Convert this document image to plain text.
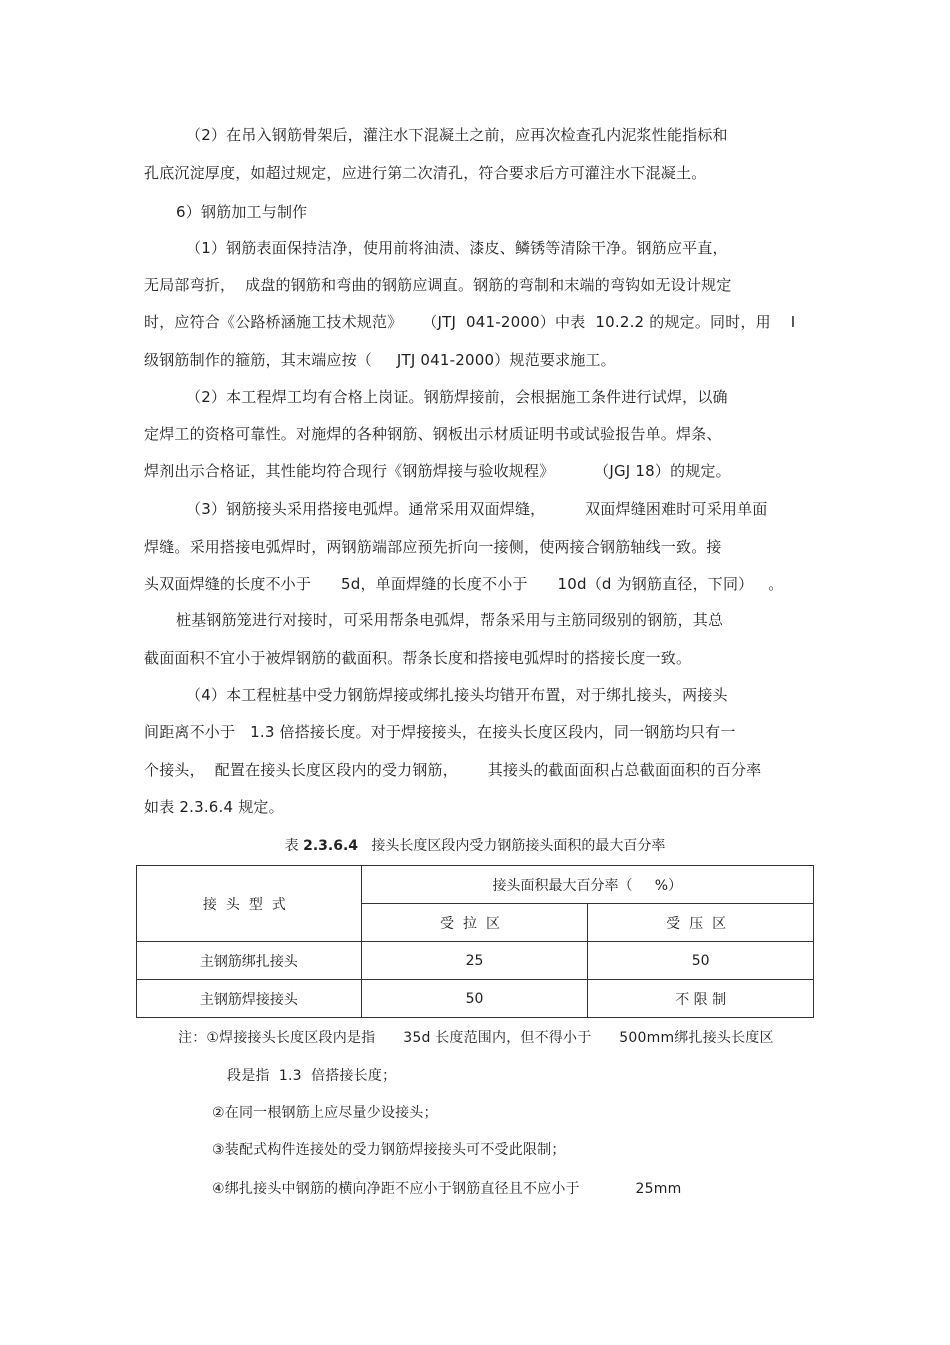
（2）在吊入钢筋骨架后，灌注水下混凝土之前，应再次检查孔内泥浆性能指标和
孔底沉淀厚度，如超过规定，应进行第二次清孔，符合要求后方可灌注水下混凝土。
6）钢筋加工与制作
（1）钢筋表面保持洁净，使用前将油渍、漆皮、鳞锈等清除干净。钢筋应平直，
无局部弯折，  成盘的钢筋和弯曲的钢筋应调直。钢筋的弯制和末端的弯钩如无设计规定
时，应符合《公路桥涵施工技术规范》    （JTJ  041-2000）中表  10.2.2 的规定。同时，用    I
级钢筋制作的箍筋，其末端应按（     JTJ 041-2000）规范要求施工。
（2）本工程焊工均有合格上岗证。钢筋焊接前，会根据施工条件进行试焊，以确
定焊工的资格可靠性。对施焊的各种钢筋、钢板出示材质证明书或试验报告单。焊条、
焊剂出示合格证，其性能均符合现行《钢筋焊接与验收规程》        （JGJ 18）的规定。
（3）钢筋接头采用搭接电弧焊。通常采用双面焊缝，        双面焊缝困难时可采用单面
焊缝。采用搭接电弧焊时，两钢筋端部应预先折向一接侧，使两接合钢筋轴线一致。接
头双面焊缝的长度不小于      5d，单面焊缝的长度不小于      10d（d 为钢筋直径，下同）   。
桩基钢筋笼进行对接时，可采用帮条电弧焊，帮条采用与主筋同级别的钢筋，其总
截面面积不宜小于被焊钢筋的截面积。帮条长度和搭接电弧焊时的搭接长度一致。
（4）本工程桩基中受力钢筋焊接或绑扎接头均错开布置，对于绑扎接头，两接头
间距离不小于   1.3 倍搭接长度。对于焊接接头，在接头长度区段内，同一钢筋均只有一
个接头，  配置在接头长度区段内的受力钢筋，      其接头的截面面积占总截面面积的百分率
如表 2.3.6.4 规定。
表 2.3.6.4   接头长度区段内受力钢筋接头面积的最大百分率
接头型式	接头面积最大百分率（     %）	
	受拉区	受压区
主钢筋绑扎接头	25	50
主钢筋焊接接头	50	不 限 制
注：①焊接接头长度区段内是指      35d 长度范围内，但不得小于      500mm绑扎接头长度区
段是指  1.3  倍搭接长度；
②在同一根钢筋上应尽量少设接头；
③装配式构件连接处的受力钢筋焊接接头可不受此限制；
④绑扎接头中钢筋的横向净距不应小于钢筋直径且不应小于            25mm
